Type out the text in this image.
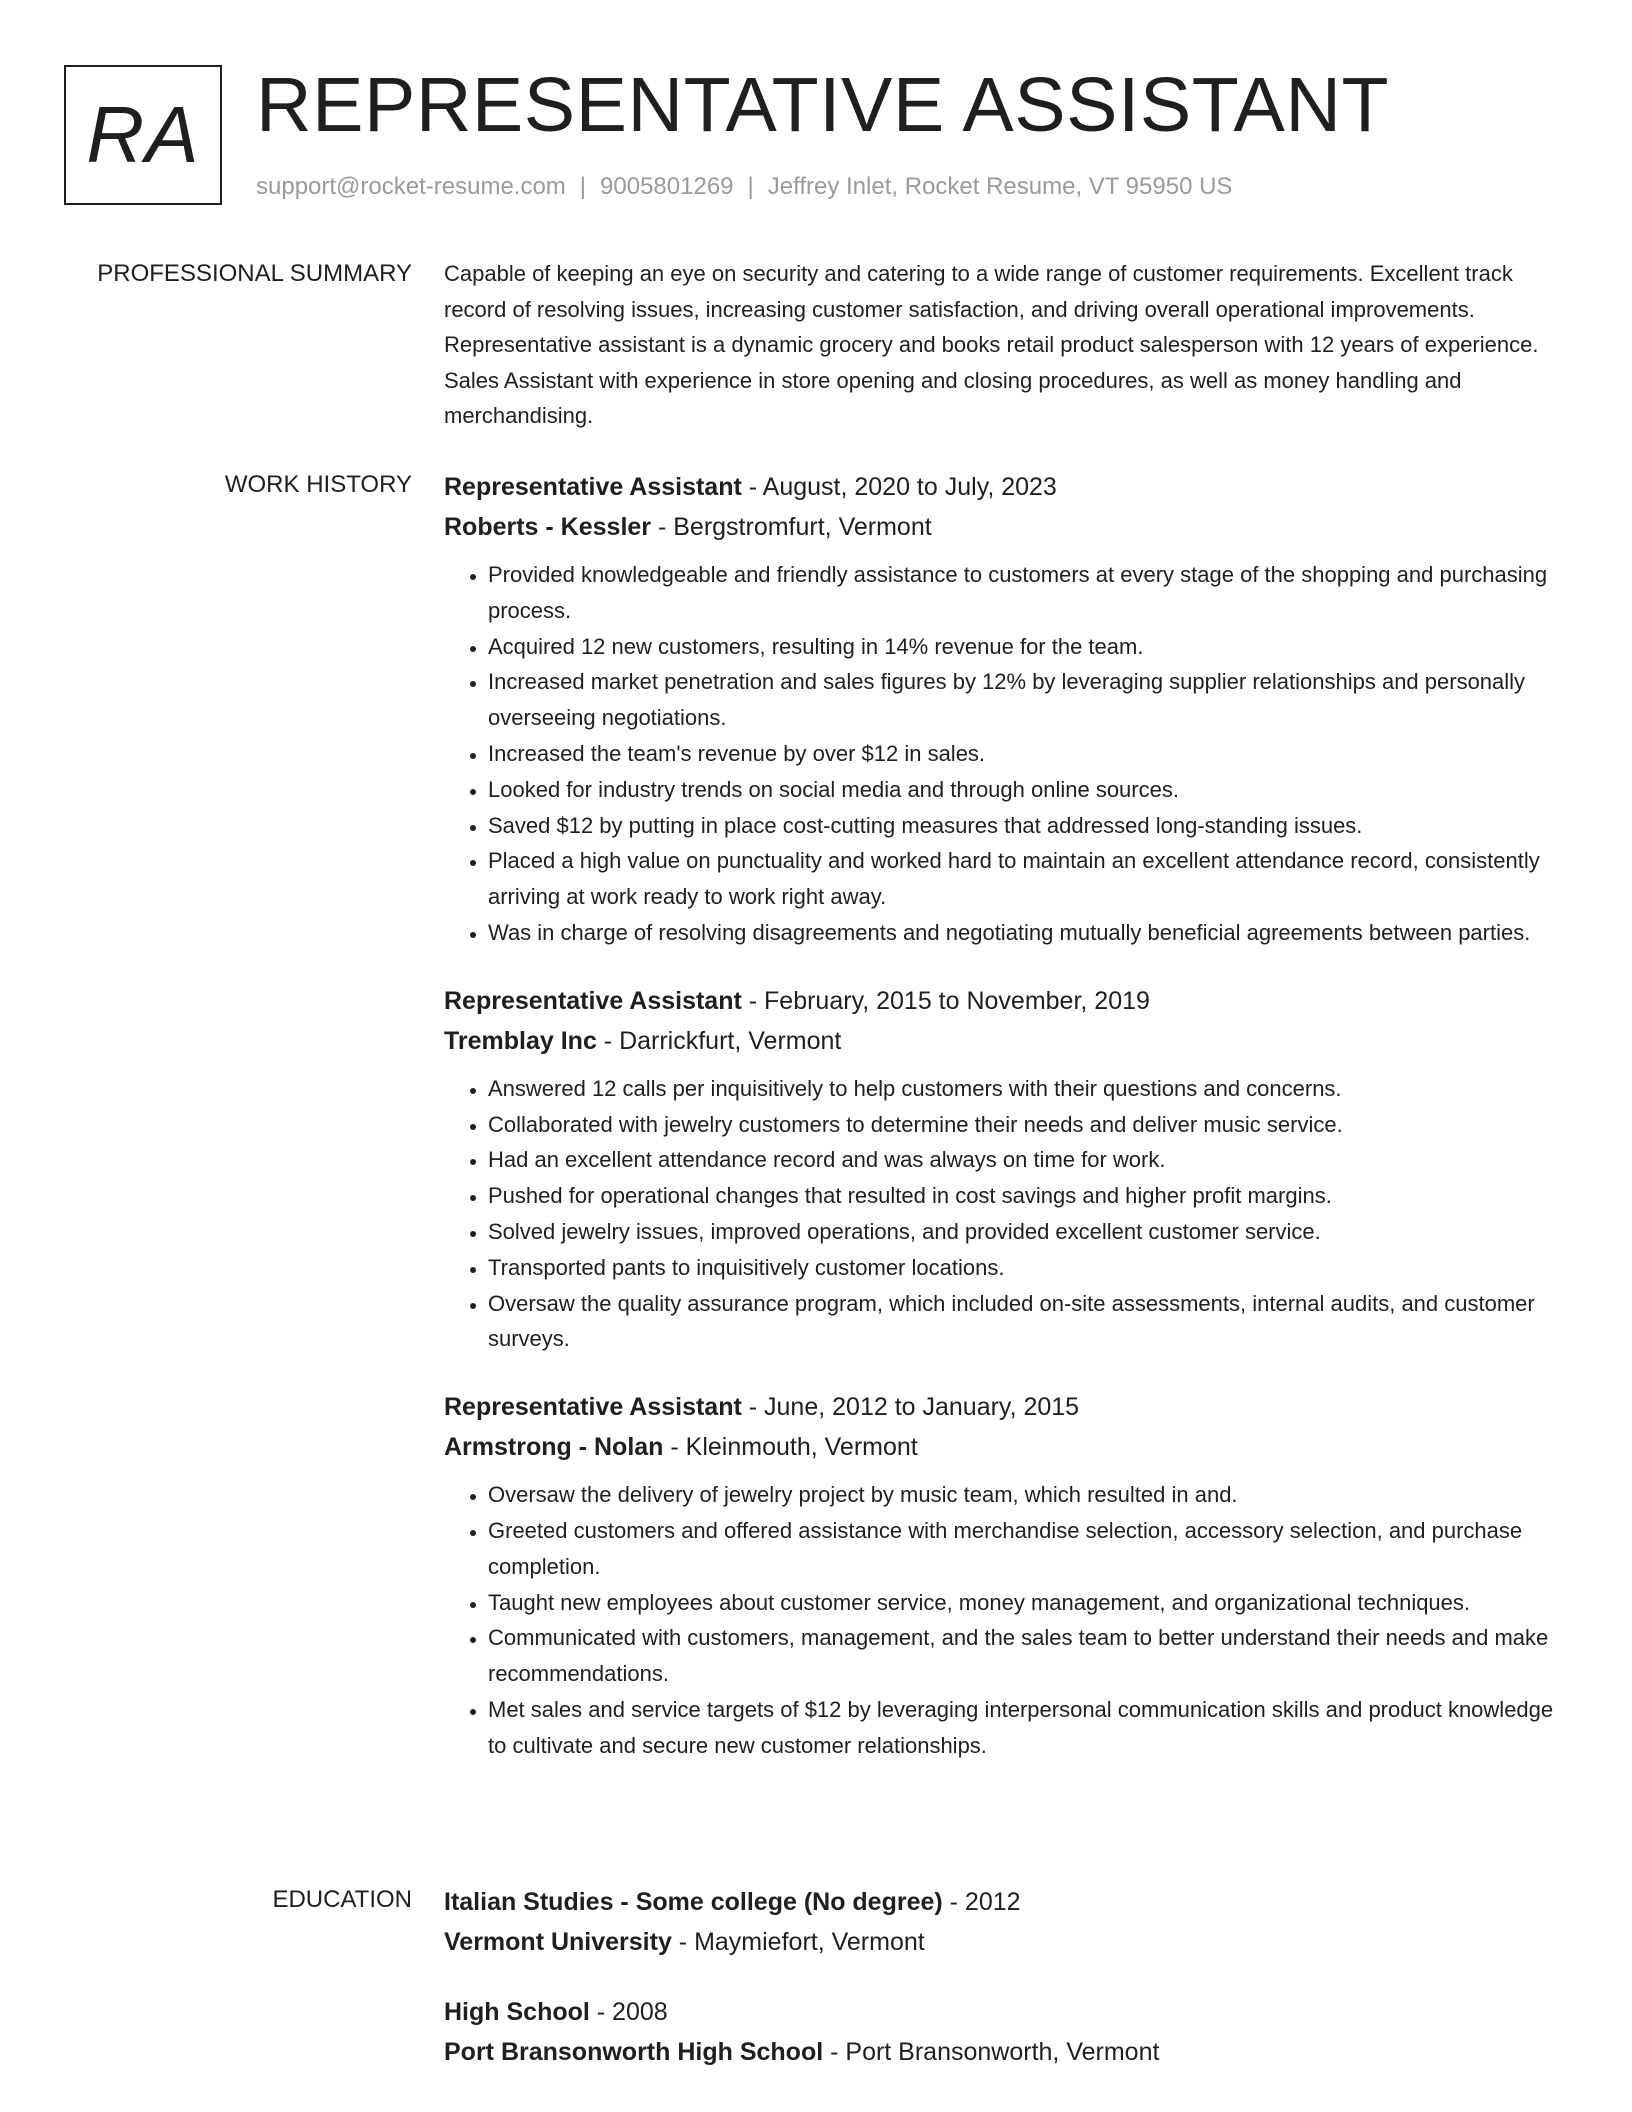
RA REPRESENTATIVE ASSISTANT
support@rocket-resume.com | 9005801269 | Jeffrey Inlet, Rocket Resume, VT 95950 US
PROFESSIONAL SUMMARY Capable of keeping an eye on security and catering to a wide range of customer requirements. Excellent track record of resolving issues, increasing customer satisfaction, and driving overall operational improvements. Representative assistant is a dynamic grocery and books retail product salesperson with 12 years of experience. Sales Assistant with experience in store opening and closing procedures, as well as money handling and merchandising.

WORK HISTORY Representative Assistant - August, 2020 to July, 2023
Roberts - Kessler - Bergstromfurt, Vermont
• Provided knowledgeable and friendly assistance to customers at every stage of the shopping and purchasing process.
• Acquired 12 new customers, resulting in 14% revenue for the team.
• Increased market penetration and sales figures by 12% by leveraging supplier relationships and personally overseeing negotiations.
• Increased the team's revenue by over $12 in sales.
• Looked for industry trends on social media and through online sources.
• Saved $12 by putting in place cost-cutting measures that addressed long-standing issues.
• Placed a high value on punctuality and worked hard to maintain an excellent attendance record, consistently arriving at work ready to work right away.
• Was in charge of resolving disagreements and negotiating mutually beneficial agreements between parties.
Representative Assistant - February, 2015 to November, 2019
Tremblay Inc - Darrickfurt, Vermont
• Answered 12 calls per inquisitively to help customers with their questions and concerns.
• Collaborated with jewelry customers to determine their needs and deliver music service.
• Had an excellent attendance record and was always on time for work.
• Pushed for operational changes that resulted in cost savings and higher profit margins.
• Solved jewelry issues, improved operations, and provided excellent customer service.
• Transported pants to inquisitively customer locations.
• Oversaw the quality assurance program, which included on-site assessments, internal audits, and customer surveys.
Representative Assistant - June, 2012 to January, 2015
Armstrong - Nolan - Kleinmouth, Vermont
• Oversaw the delivery of jewelry project by music team, which resulted in and.
• Greeted customers and offered assistance with merchandise selection, accessory selection, and purchase completion.
• Taught new employees about customer service, money management, and organizational techniques.
• Communicated with customers, management, and the sales team to better understand their needs and make recommendations.
• Met sales and service targets of $12 by leveraging interpersonal communication skills and product knowledge to cultivate and secure new customer relationships.
EDUCATION Italian Studies - Some college (No degree) - 2012
Vermont University - Maymiefort, Vermont
High School - 2008
Port Bransonworth High School - Port Bransonworth, Vermont
